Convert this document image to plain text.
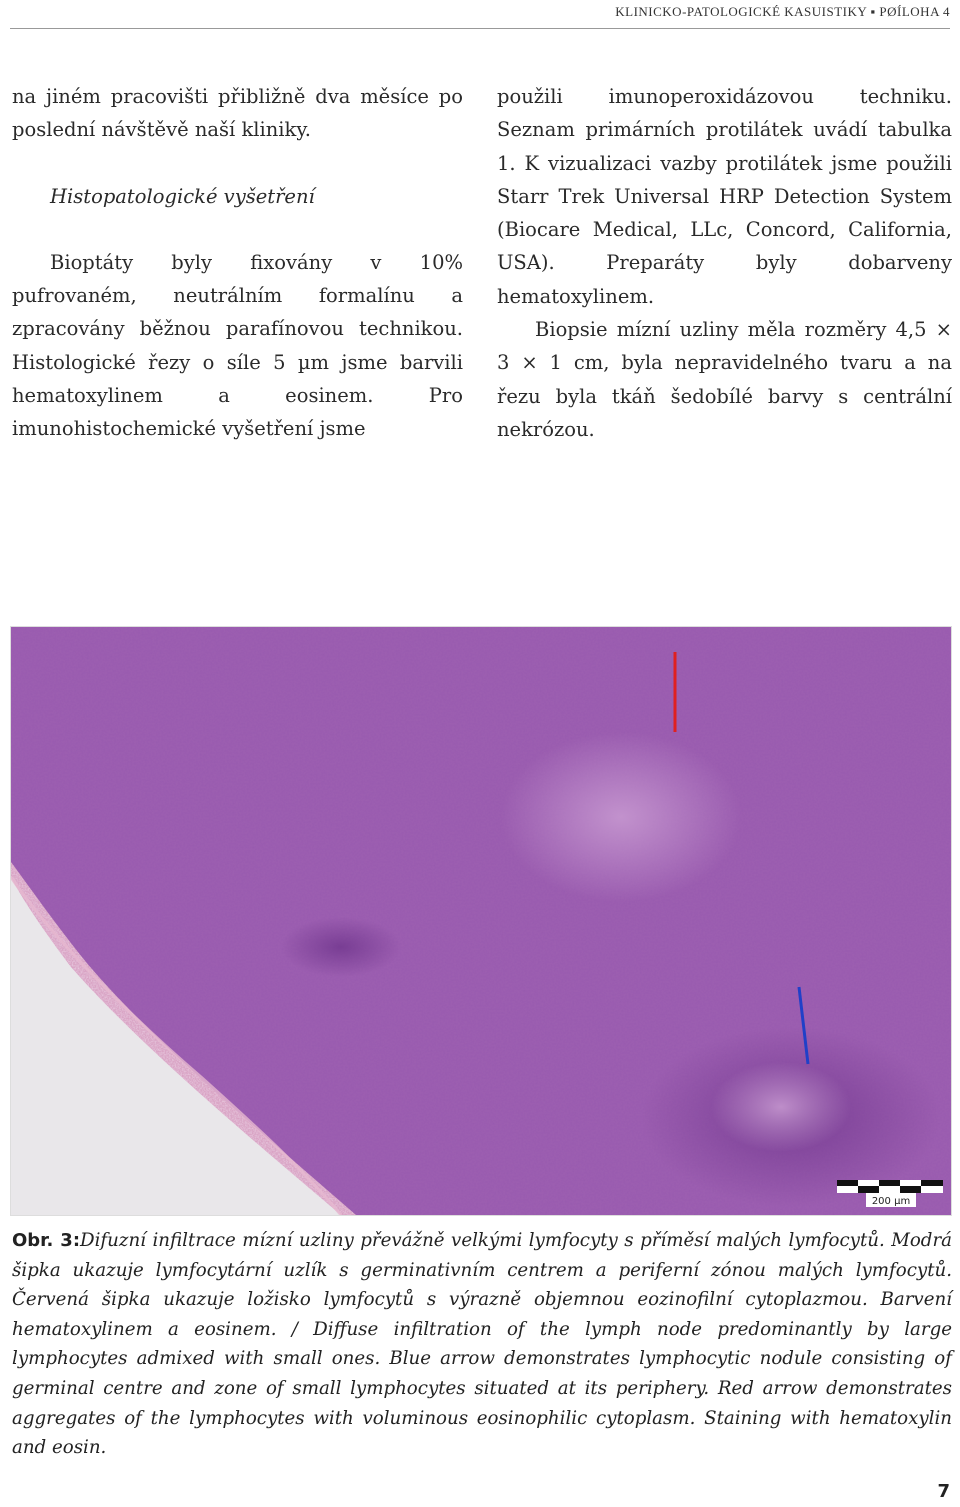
KLINICKO-PATOLOGICKÉ KASUISTIKY ▪ PØÍLOHA 4

na jiném pracovišti přibližně dva měsíce po poslední návštěvě naší kliniky.

Histopatologické vyšetření

Bioptáty byly fixovány v 10% pufrovaném, neutrálním formalínu a zpracovány běžnou parafínovou technikou. Histologické řezy o síle 5 µm jsme barvili hematoxylinem a eosinem. Pro imunohistochemické vyšetření jsme

použili imunoperoxidázovou techniku. Seznam primárních protilátek uvádí tabulka 1. K vizualizaci vazby protilátek jsme použili Starr Trek Universal HRP Detection System (Biocare Medical, LLc, Concord, California, USA). Preparáty byly dobarveny hematoxylinem.

Biopsie mízní uzliny měla rozměry 4,5 × 3 × 1 cm, byla nepravidelného tvaru a na řezu byla tkáň šedobílé barvy s centrální nekrózou.

200 µm
Obr. 3:Difuzní infiltrace mízní uzliny převážně velkými lymfocyty s příměsí malých lymfocytů. Modrá šipka ukazuje lymfocytární uzlík s germinativním centrem a periferní zónou malých lymfocytů. Červená šipka ukazuje ložisko lymfocytů s výrazně objemnou eozinofilní cytoplazmou. Barvení hematoxylinem a eosinem. / Diffuse infiltration of the lymph node predominantly by large lymphocytes admixed with small ones. Blue arrow demonstrates lymphocytic nodule consisting of germinal centre and zone of small lymphocytes situated at its periphery. Red arrow demonstrates aggregates of the lymphocytes with voluminous eosinophilic cytoplasm. Staining with hematoxylin and eosin.
7
